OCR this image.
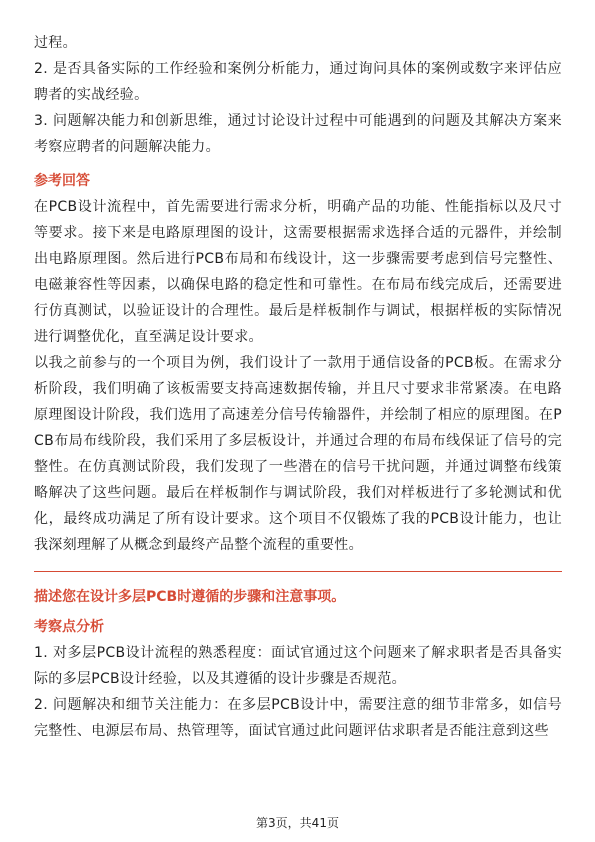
过程。

2. 是否具备实际的工作经验和案例分析能力，通过询问具体的案例或数字来评估应聘者的实战经验。

3. 问题解决能力和创新思维，通过讨论设计过程中可能遇到的问题及其解决方案来考察应聘者的问题解决能力。

参考回答

在PCB设计流程中，首先需要进行需求分析，明确产品的功能、性能指标以及尺寸等要求。接下来是电路原理图的设计，这需要根据需求选择合适的元器件，并绘制出电路原理图。然后进行PCB布局和布线设计，这一步骤需要考虑到信号完整性、电磁兼容性等因素，以确保电路的稳定性和可靠性。在布局布线完成后，还需要进行仿真测试，以验证设计的合理性。最后是样板制作与调试，根据样板的实际情况进行调整优化，直至满足设计要求。

以我之前参与的一个项目为例，我们设计了一款用于通信设备的PCB板。在需求分析阶段，我们明确了该板需要支持高速数据传输，并且尺寸要求非常紧凑。在电路原理图设计阶段，我们选用了高速差分信号传输器件，并绘制了相应的原理图。在PCB布局布线阶段，我们采用了多层板设计，并通过合理的布局布线保证了信号的完整性。在仿真测试阶段，我们发现了一些潜在的信号干扰问题，并通过调整布线策略解决了这些问题。最后在样板制作与调试阶段，我们对样板进行了多轮测试和优化，最终成功满足了所有设计要求。这个项目不仅锻炼了我的PCB设计能力，也让我深刻理解了从概念到最终产品整个流程的重要性。

描述您在设计多层PCB时遵循的步骤和注意事项。
考察点分析

1. 对多层PCB设计流程的熟悉程度：面试官通过这个问题来了解求职者是否具备实际的多层PCB设计经验，以及其遵循的设计步骤是否规范。

2. 问题解决和细节关注能力：在多层PCB设计中，需要注意的细节非常多，如信号完整性、电源层布局、热管理等，面试官通过此问题评估求职者是否能注意到这些

第3页，共41页
